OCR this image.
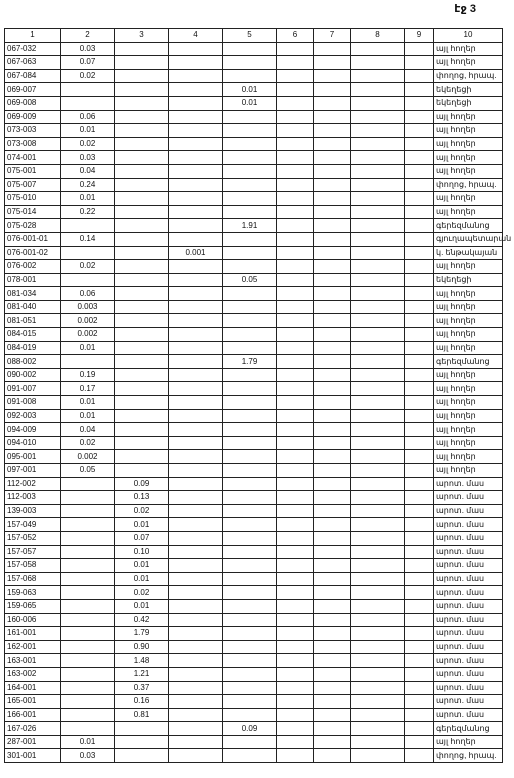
էջ 3
1	2	3	4	5	6	7	8	9	10
067-032	0.03								այլ հողեր
067-063	0.07								այլ հողեր
067-084	0.02								փողոց, հրապ.
069-007				0.01					եկեղեցի
069-008				0.01					եկեղեցի
069-009	0.06								այլ հողեր
073-003	0.01								այլ հողեր
073-008	0.02								այլ հողեր
074-001	0.03								այլ հողեր
075-001	0.04								այլ հողեր
075-007	0.24								փողոց, հրապ.
075-010	0.01								այլ հողեր
075-014	0.22								այլ հողեր
075-028				1.91					գերեզմանոց
076-001-01	0.14								գյուղապետարան
076-001-02			0.001						կ. ենթակայան
076-002	0.02								այլ հողեր
078-001				0.05					եկեղեցի
081-034	0.06								այլ հողեր
081-040	0.003								այլ հողեր
081-051	0.002								այլ հողեր
084-015	0.002								այլ հողեր
084-019	0.01								այլ հողեր
088-002				1.79					գերեզմանոց
090-002	0.19								այլ հողեր
091-007	0.17								այլ հողեր
091-008	0.01								այլ հողեր
092-003	0.01								այլ հողեր
094-009	0.04								այլ հողեր
094-010	0.02								այլ հողեր
095-001	0.002								այլ հողեր
097-001	0.05								այլ հողեր
112-002		0.09							արոտ. մաս
112-003		0.13							արոտ. մաս
139-003		0.02							արոտ. մաս
157-049		0.01							արոտ. մաս
157-052		0.07							արոտ. մաս
157-057		0.10							արոտ. մաս
157-058		0.01							արոտ. մաս
157-068		0.01							արոտ. մաս
159-063		0.02							արոտ. մաս
159-065		0.01							արոտ. մաս
160-006		0.42							արոտ. մաս
161-001		1.79							արոտ. մաս
162-001		0.90							արոտ. մաս
163-001		1.48							արոտ. մաս
163-002		1.21							արոտ. մաս
164-001		0.37							արոտ. մաս
165-001		0.16							արոտ. մաս
166-001		0.81							արոտ. մաս
167-026				0.09					գերեզմանոց
287-001	0.01								այլ հողեր
301-001	0.03								փողոց, հրապ.
